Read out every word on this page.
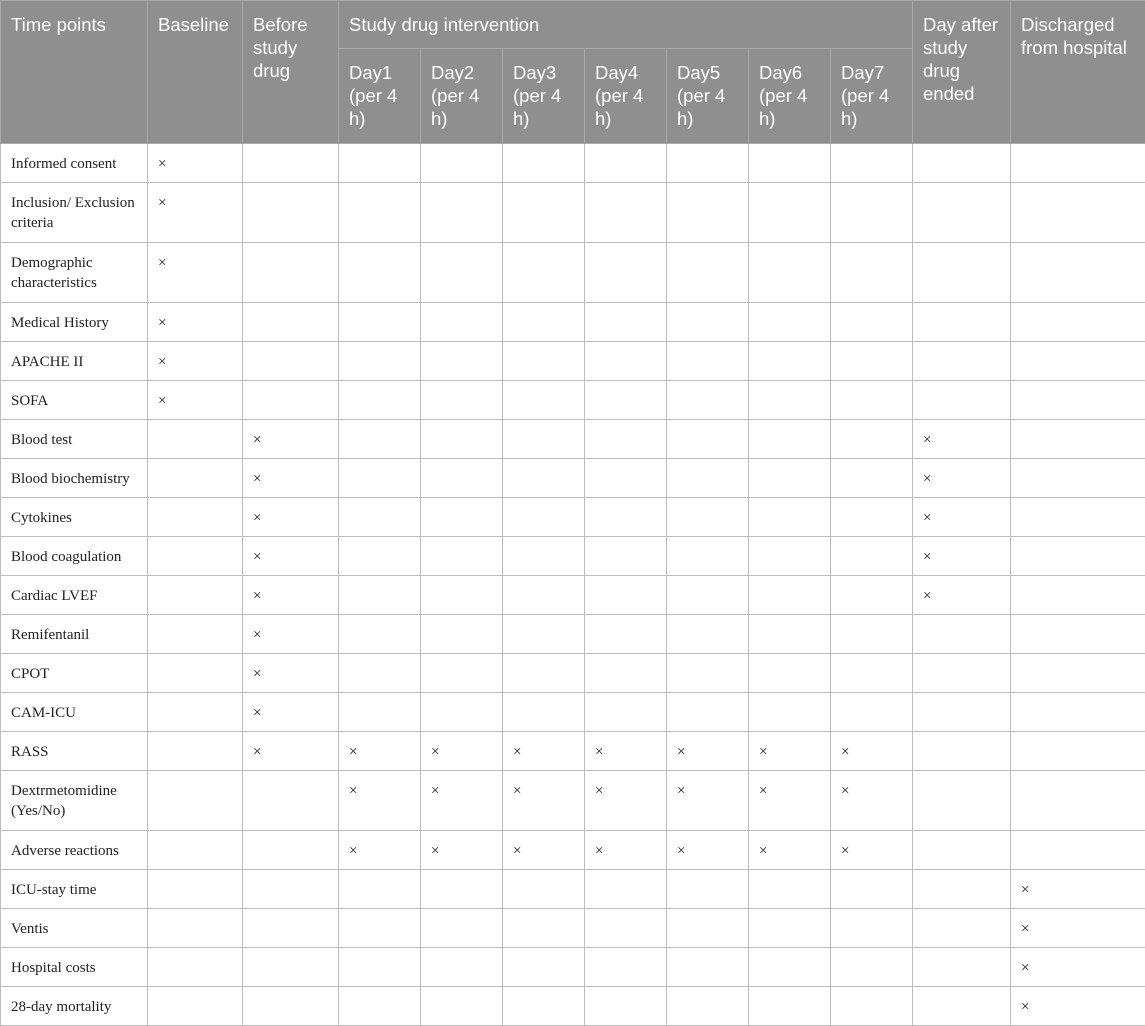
Time points	Baseline	Before study drug	Study drug intervention							Day after study drug ended	Discharged from hospital
			Day1 (per 4 h)	Day2 (per 4 h)	Day3 (per 4 h)	Day4 (per 4 h)	Day5 (per 4 h)	Day6 (per 4 h)	Day7 (per 4 h)		
Informed consent	×										
Inclusion/ Exclusion criteria	×										
Demographic characteristics	×										
Medical History	×										
APACHE II	×										
SOFA	×										
Blood test		×								×	
Blood biochemistry		×								×	
Cytokines		×								×	
Blood coagulation		×								×	
Cardiac LVEF		×								×	
Remifentanil		×									
CPOT		×									
CAM-ICU		×									
RASS		×	×	×	×	×	×	×	×		
Dextrmetomidine (Yes/No)			×	×	×	×	×	×	×		
Adverse reactions			×	×	×	×	×	×	×		
ICU-stay time											×
Ventis											×
Hospital costs											×
28-day mortality											×
